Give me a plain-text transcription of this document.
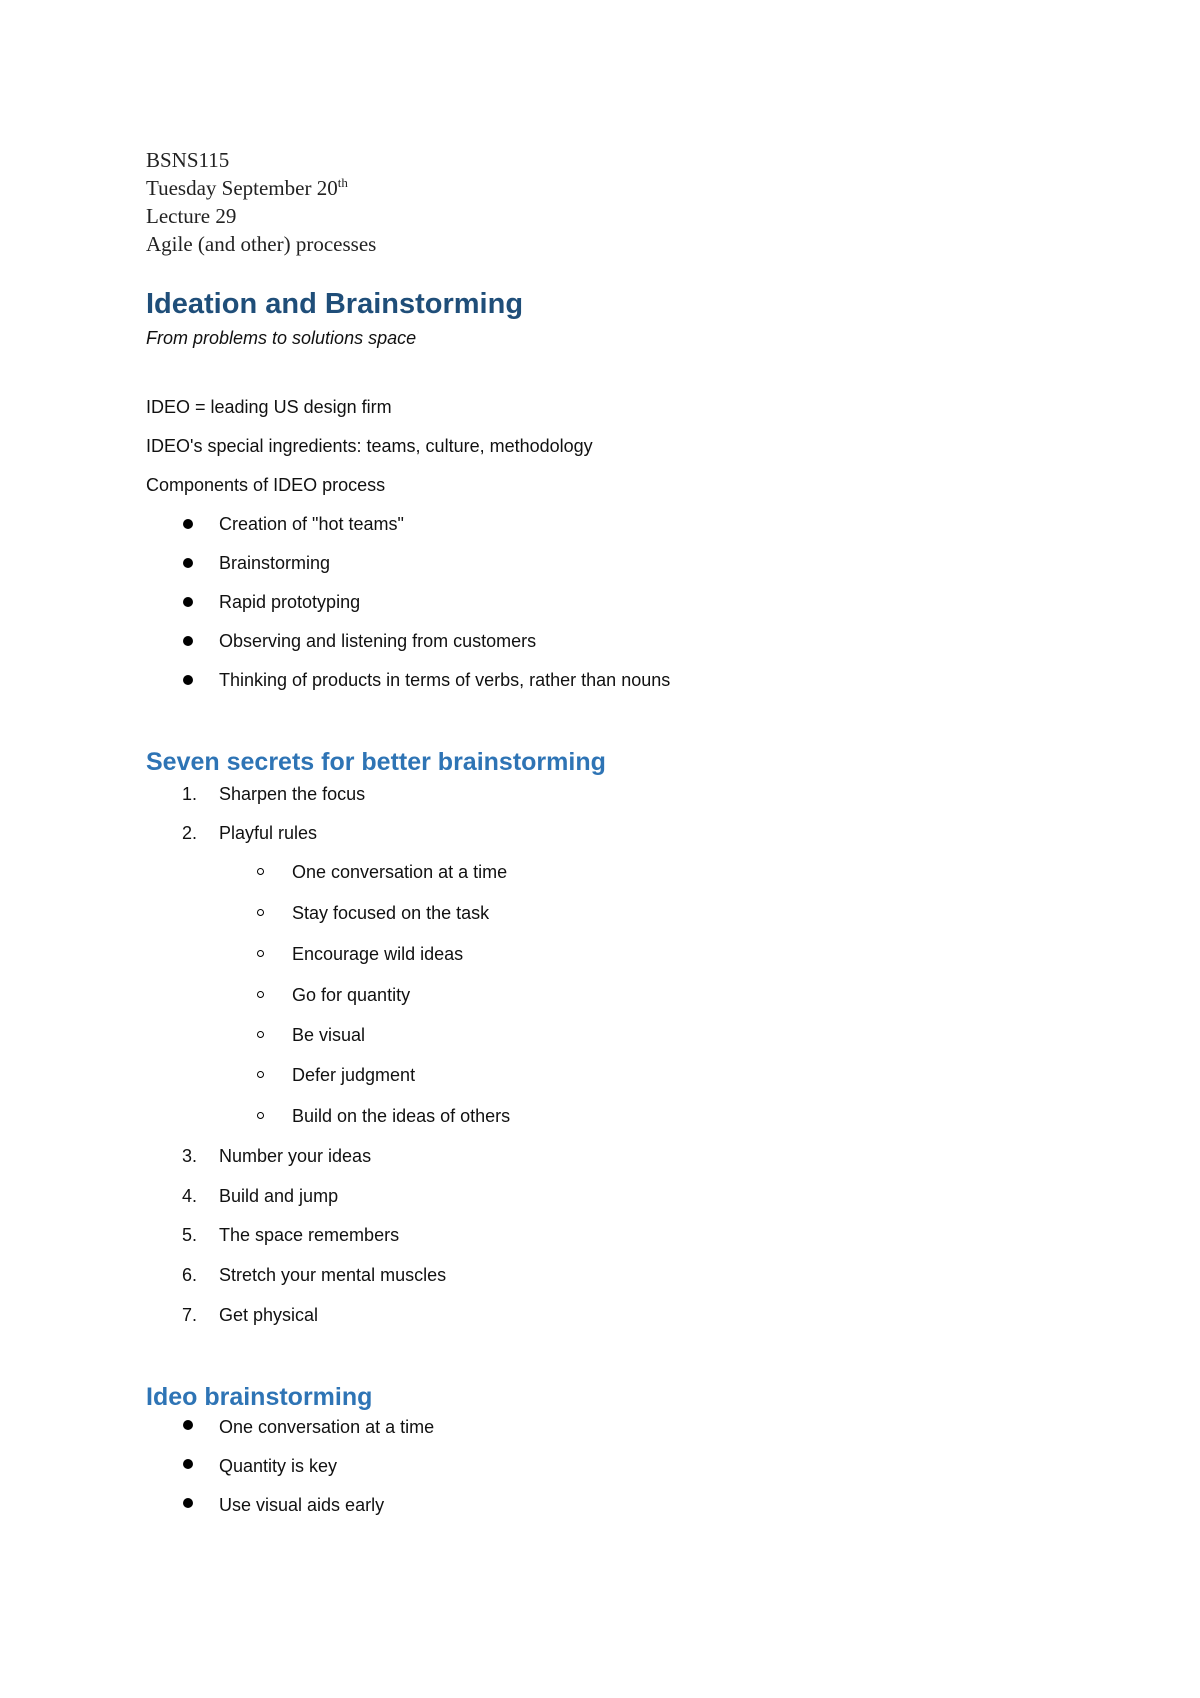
BSNS115
Tuesday September 20th
Lecture 29
Agile (and other) processes
Ideation and Brainstorming
From problems to solutions space
IDEO = leading US design firm
IDEO's special ingredients: teams, culture, methodology
Components of IDEO process
Creation of "hot teams"
Brainstorming
Rapid prototyping
Observing and listening from customers
Thinking of products in terms of verbs, rather than nouns
Seven secrets for better brainstorming
1.	Sharpen the focus
2.	Playful rules
One conversation at a time
Stay focused on the task
Encourage wild ideas
Go for quantity
Be visual
Defer judgment
Build on the ideas of others
3.	Number your ideas
4.	Build and jump
5.	The space remembers
6.	Stretch your mental muscles
7.	Get physical
Ideo brainstorming
One conversation at a time
Quantity is key
Use visual aids early
